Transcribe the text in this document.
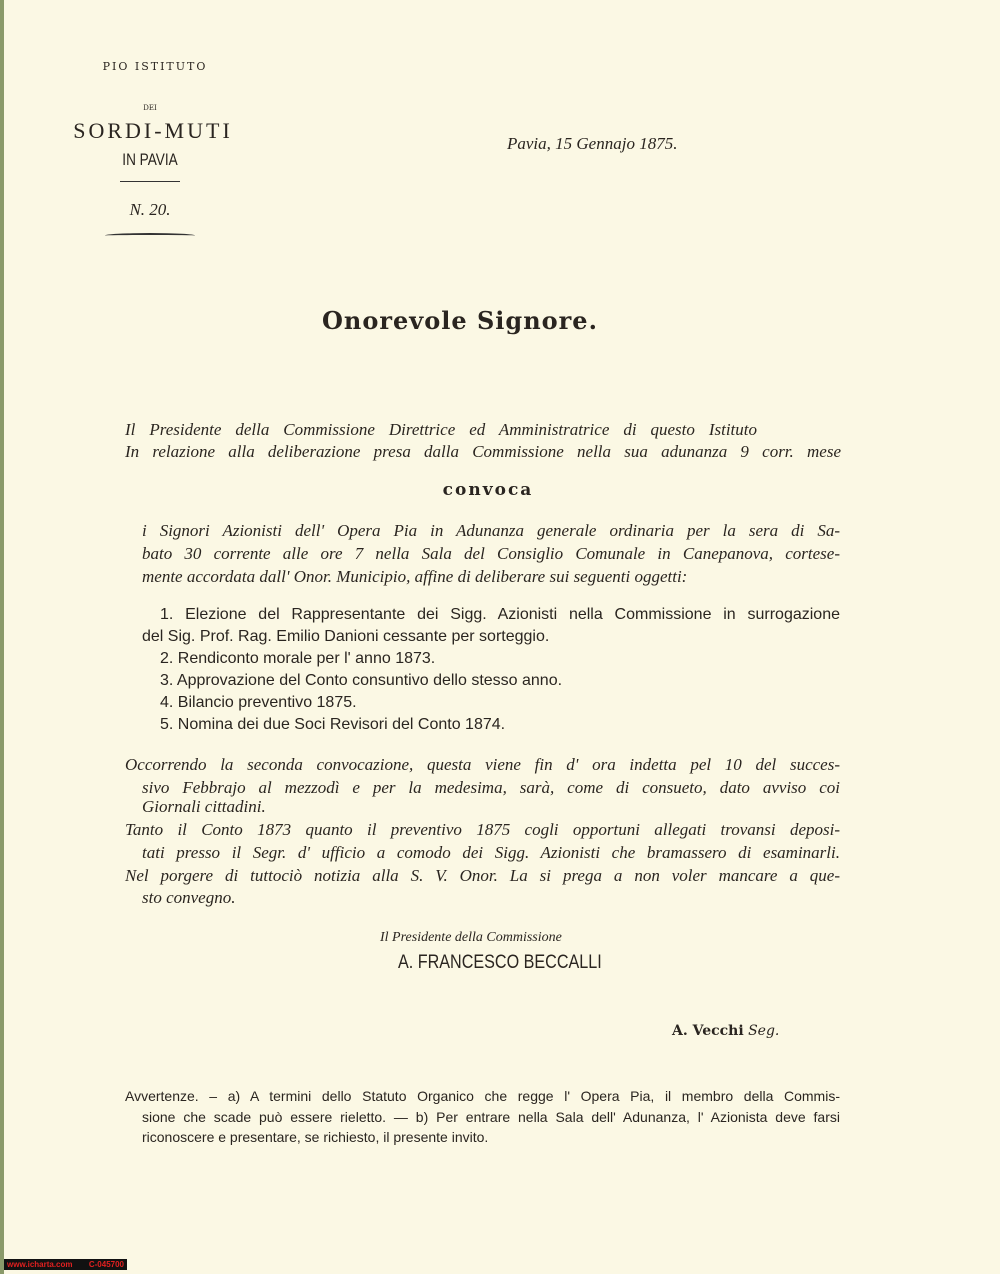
PIO ISTITUTO
DEI
SORDI-MUTI
IN PAVIA
N. 20.
Pavia, 15 Gennajo 1875.
Onorevole Signore.
Il Presidente della Commissione Direttrice ed Amministratrice di questo Istituto
In relazione alla deliberazione presa dalla Commissione nella sua adunanza 9 corr. mese
convoca
i Signori Azionisti dell' Opera Pia in Adunanza generale ordinaria per la sera di Sa-
bato 30 corrente alle ore 7 nella Sala del Consiglio Comunale in Canepanova, cortese-
mente accordata dall' Onor. Municipio, affine di deliberare sui seguenti oggetti:
1. Elezione del Rappresentante dei Sigg. Azionisti nella Commissione in surrogazione
del Sig. Prof. Rag. Emilio Danioni cessante per sorteggio.
2. Rendiconto morale per l' anno 1873.
3. Approvazione del Conto consuntivo dello stesso anno.
4. Bilancio preventivo 1875.
5. Nomina dei due Soci Revisori del Conto 1874.
Occorrendo la seconda convocazione, questa viene fin d' ora indetta pel 10 del succes-
sivo Febbrajo al mezzodì e per la medesima, sarà, come di consueto, dato avviso coi
Giornali cittadini.
Tanto il Conto 1873 quanto il preventivo 1875 cogli opportuni allegati trovansi deposi-
tati presso il Segr. d' ufficio a comodo dei Sigg. Azionisti che bramassero di esaminarli.
Nel porgere di tuttociò notizia alla S. V. Onor. La si prega a non voler mancare a que-
sto convegno.
Il Presidente della Commissione
A. FRANCESCO BECCALLI
A. Vecchi Seg.
Avvertenze. – a) A termini dello Statuto Organico che regge l' Opera Pia, il membro della Commis-
sione che scade può essere rieletto. — b) Per entrare nella Sala dell' Adunanza, l' Azionista deve farsi
riconoscere e presentare, se richiesto, il presente invito.
www.icharta.com C-045700
